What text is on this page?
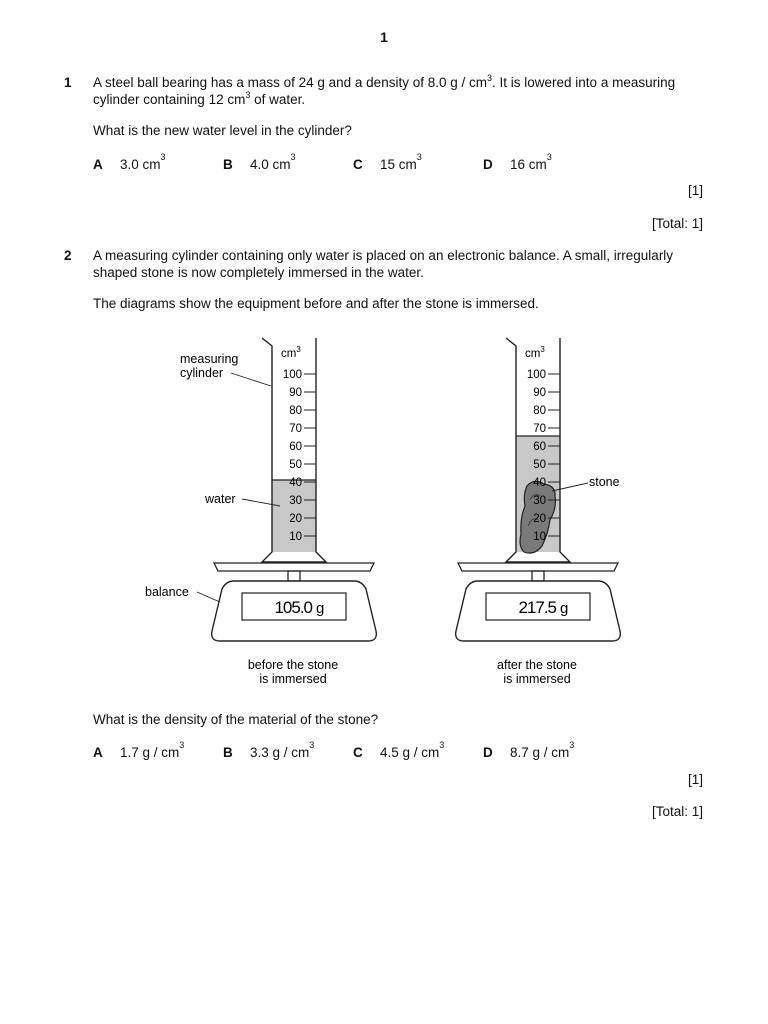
1
1 A steel ball bearing has a mass of 24 g and a density of 8.0 g / $cm^3$. It is lowered into a measuring cylinder containing 12 $cm^3$ of water.
What is the new water level in the cylinder?
A	3.0 cm 3	B	4.0 cm 3	C	15 cm 3	D	16 cm 3
[1]
[Total: 1]
2 A measuring cylinder containing only water is placed on an electronic balance. A small, irregularly shaped stone is now completely immersed in the water.
The diagrams show the equipment before and after the stone is immersed.
100
90
80
70
60
50
40
30
20
10
$cm^3$
measuring
cylinder
water
balance
105.0 g
before the stone
is immersed
100
90
80
70
60
50
40
30
20
10
$cm^3$
stone
217.5 g
after the stone
is immersed
What is the density of the material of the stone?
A	1.7 g / cm 3	B	3.3 g / cm 3	C	4.5 g / cm 3	D	8.7 g / cm 3
[1]
[Total: 1]
